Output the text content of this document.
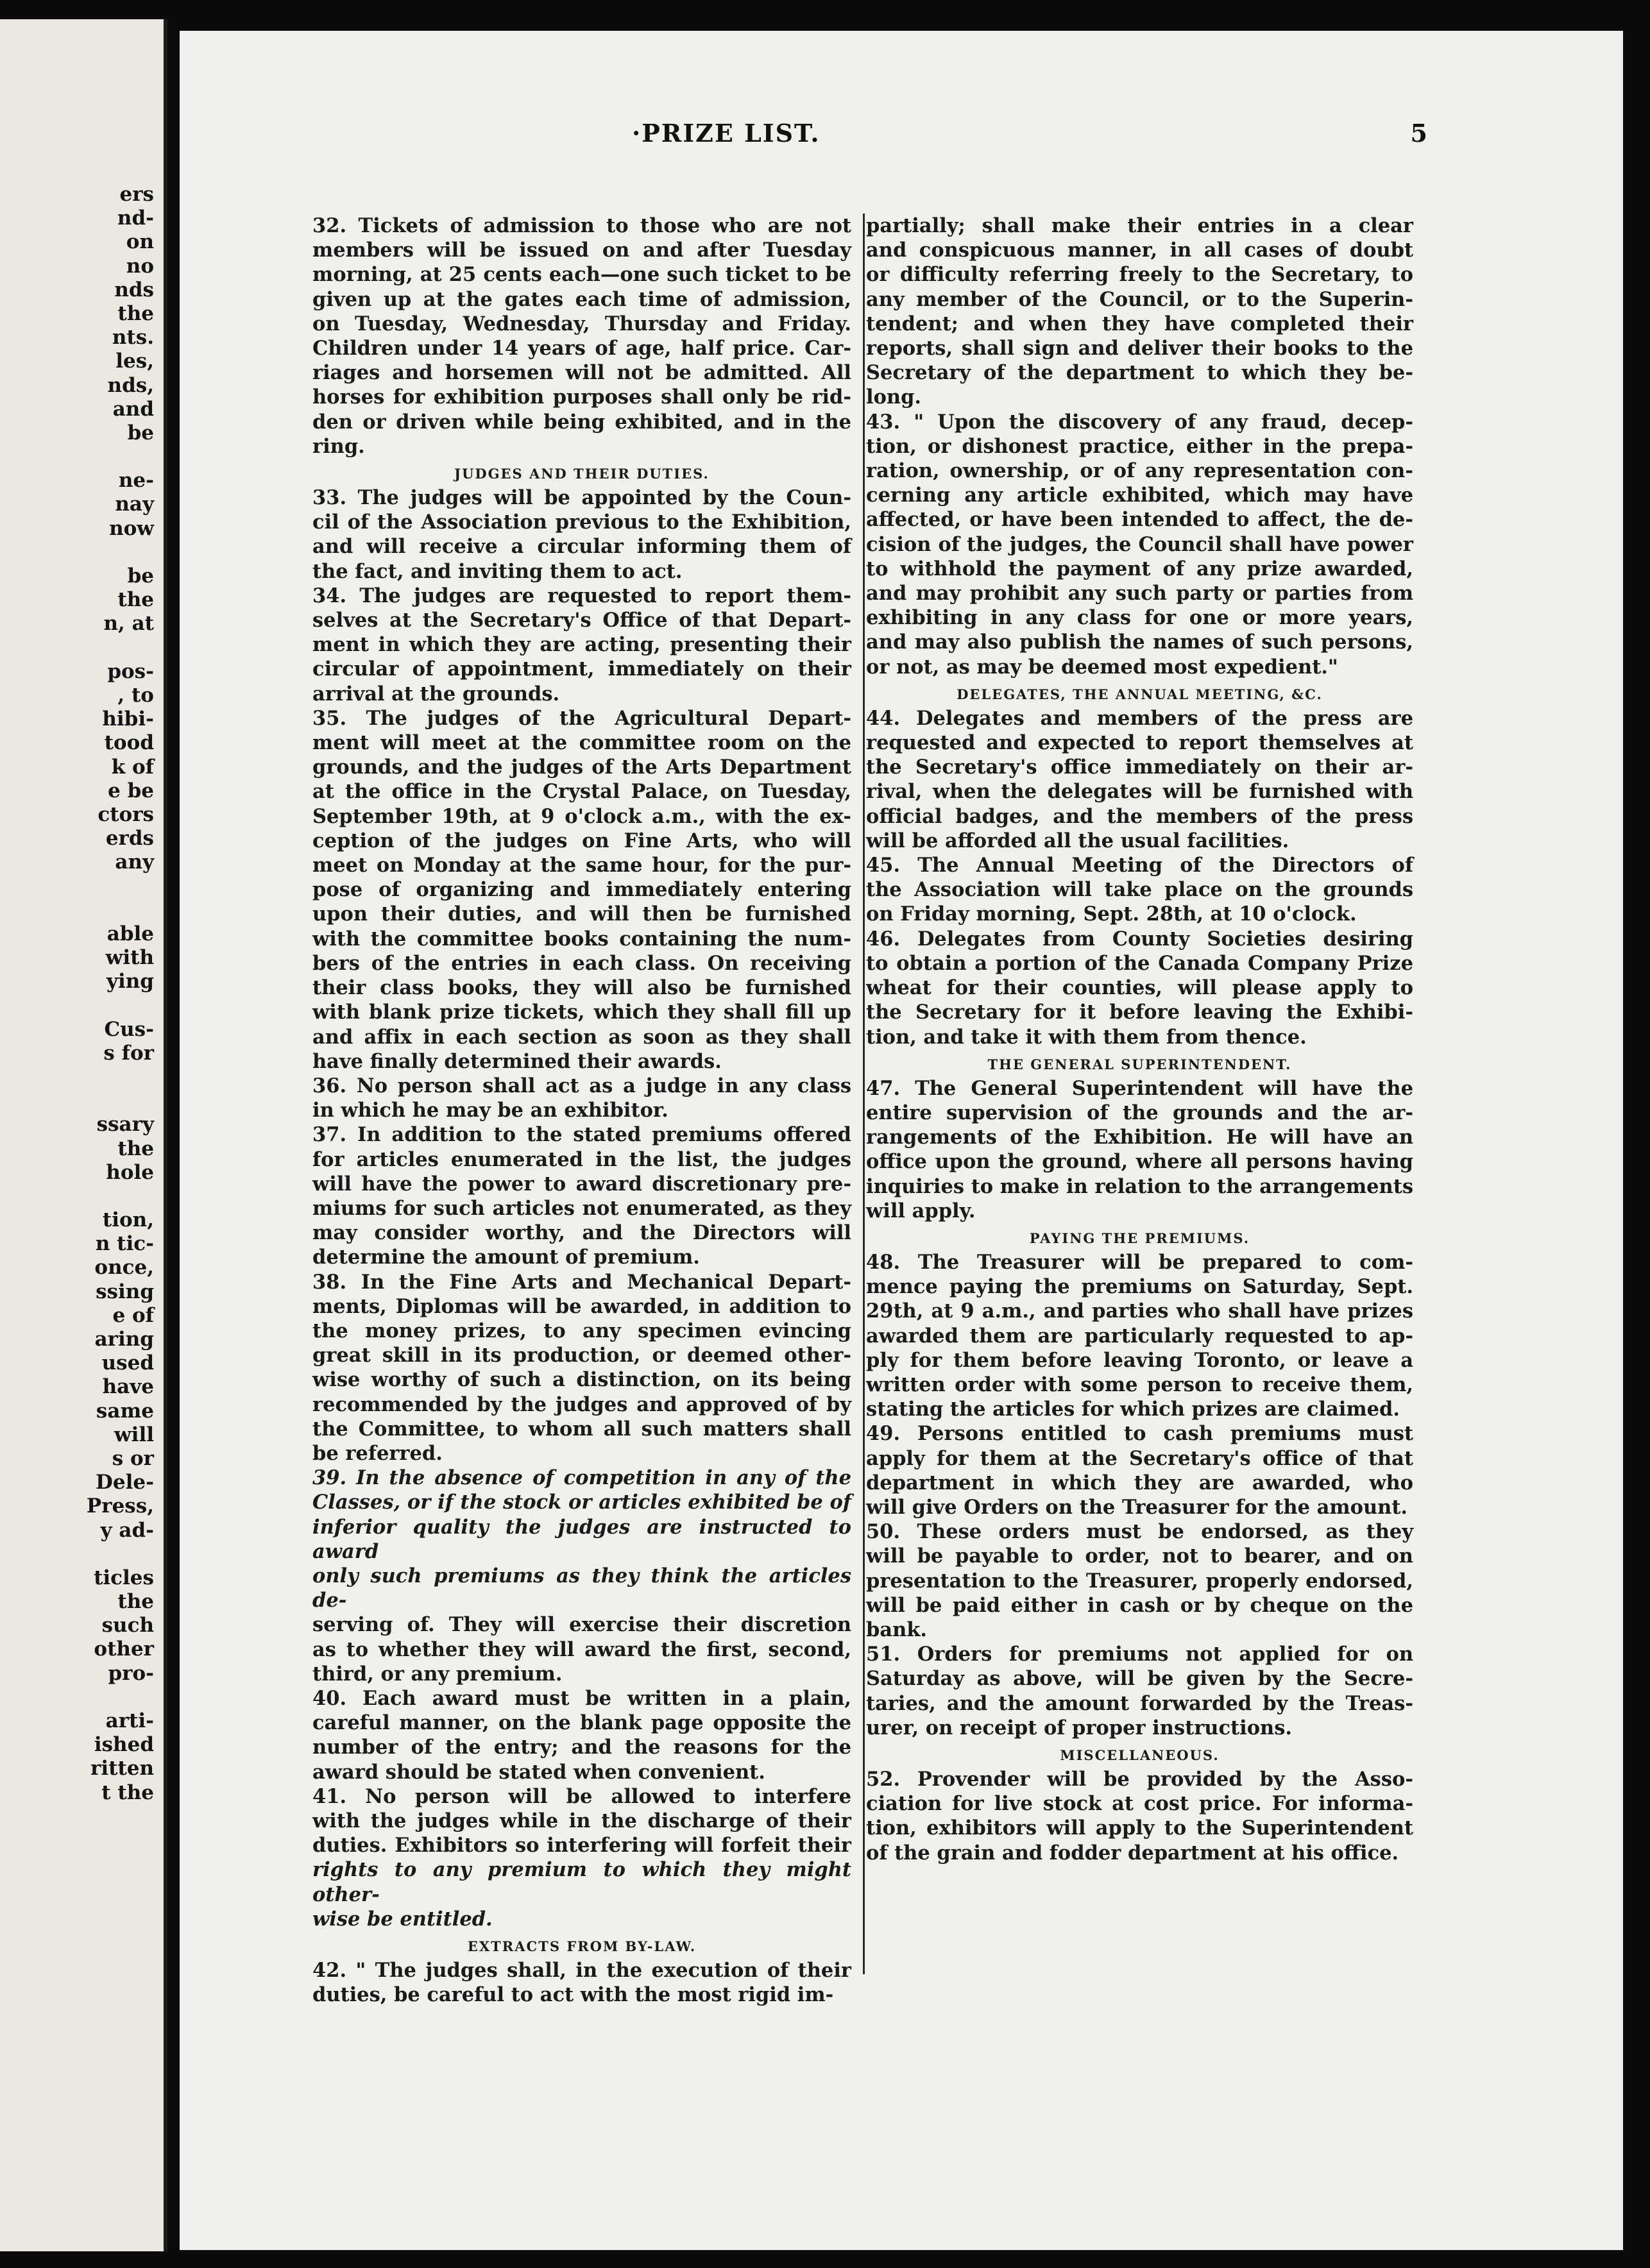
ers
nd-
on
no
nds
the
nts.
les,
nds,
and
be
ne-
nay
now
be
the
n, at
pos-
, to
hibi-
tood
k of
e be
ctors
erds
any
able
with
ying
Cus-
s for
ssary
the
hole
tion,
n tic-
once,
ssing
e of
aring
used
have
same
will
s or
Dele-
Press,
y ad-
ticles
the
such
other
pro-
arti-
ished
ritten
t the
·PRIZE LIST.	5
32. Tickets of admission to those who are not
members will be issued on and after Tuesday
morning, at 25 cents each—one such ticket to be
given up at the gates each time of admission,
on Tuesday, Wednesday, Thursday and Friday.
Children under 14 years of age, half price. Car-
riages and horsemen will not be admitted. All
horses for exhibition purposes shall only be rid-
den or driven while being exhibited, and in the
ring.
JUDGES AND THEIR DUTIES.
33. The judges will be appointed by the Coun-
cil of the Association previous to the Exhibition,
and will receive a circular informing them of
the fact, and inviting them to act.
34. The judges are requested to report them-
selves at the Secretary's Office of that Depart-
ment in which they are acting, presenting their
circular of appointment, immediately on their
arrival at the grounds.
35. The judges of the Agricultural Depart-
ment will meet at the committee room on the
grounds, and the judges of the Arts Department
at the office in the Crystal Palace, on Tuesday,
September 19th, at 9 o'clock a.m., with the ex-
ception of the judges on Fine Arts, who will
meet on Monday at the same hour, for the pur-
pose of organizing and immediately entering
upon their duties, and will then be furnished
with the committee books containing the num-
bers of the entries in each class. On receiving
their class books, they will also be furnished
with blank prize tickets, which they shall fill up
and affix in each section as soon as they shall
have finally determined their awards.
36. No person shall act as a judge in any class
in which he may be an exhibitor.
37. In addition to the stated premiums offered
for articles enumerated in the list, the judges
will have the power to award discretionary pre-
miums for such articles not enumerated, as they
may consider worthy, and the Directors will
determine the amount of premium.
38. In the Fine Arts and Mechanical Depart-
ments, Diplomas will be awarded, in addition to
the money prizes, to any specimen evincing
great skill in its production, or deemed other-
wise worthy of such a distinction, on its being
recommended by the judges and approved of by
the Committee, to whom all such matters shall
be referred.
39. In the absence of competition in any of the
Classes, or if the stock or articles exhibited be of
inferior quality the judges are instructed to award
only such premiums as they think the articles de-
serving of. They will exercise their discretion
as to whether they will award the first, second,
third, or any premium.
40. Each award must be written in a plain,
careful manner, on the blank page opposite the
number of the entry; and the reasons for the
award should be stated when convenient.
41. No person will be allowed to interfere
with the judges while in the discharge of their
duties. Exhibitors so interfering will forfeit their
rights to any premium to which they might other-
wise be entitled.
EXTRACTS FROM BY-LAW.
42. " The judges shall, in the execution of their
duties, be careful to act with the most rigid im-
partially; shall make their entries in a clear
and conspicuous manner, in all cases of doubt
or difficulty referring freely to the Secretary, to
any member of the Council, or to the Superin-
tendent; and when they have completed their
reports, shall sign and deliver their books to the
Secretary of the department to which they be-
long.
43. " Upon the discovery of any fraud, decep-
tion, or dishonest practice, either in the prepa-
ration, ownership, or of any representation con-
cerning any article exhibited, which may have
affected, or have been intended to affect, the de-
cision of the judges, the Council shall have power
to withhold the payment of any prize awarded,
and may prohibit any such party or parties from
exhibiting in any class for one or more years,
and may also publish the names of such persons,
or not, as may be deemed most expedient."
DELEGATES, THE ANNUAL MEETING, &C.
44. Delegates and members of the press are
requested and expected to report themselves at
the Secretary's office immediately on their ar-
rival, when the delegates will be furnished with
official badges, and the members of the press
will be afforded all the usual facilities.
45. The Annual Meeting of the Directors of
the Association will take place on the grounds
on Friday morning, Sept. 28th, at 10 o'clock.
46. Delegates from County Societies desiring
to obtain a portion of the Canada Company Prize
wheat for their counties, will please apply to
the Secretary for it before leaving the Exhibi-
tion, and take it with them from thence.
THE GENERAL SUPERINTENDENT.
47. The General Superintendent will have the
entire supervision of the grounds and the ar-
rangements of the Exhibition. He will have an
office upon the ground, where all persons having
inquiries to make in relation to the arrangements
will apply.
PAYING THE PREMIUMS.
48. The Treasurer will be prepared to com-
mence paying the premiums on Saturday, Sept.
29th, at 9 a.m., and parties who shall have prizes
awarded them are particularly requested to ap-
ply for them before leaving Toronto, or leave a
written order with some person to receive them,
stating the articles for which prizes are claimed.
49. Persons entitled to cash premiums must
apply for them at the Secretary's office of that
department in which they are awarded, who
will give Orders on the Treasurer for the amount.
50. These orders must be endorsed, as they
will be payable to order, not to bearer, and on
presentation to the Treasurer, properly endorsed,
will be paid either in cash or by cheque on the
bank.
51. Orders for premiums not applied for on
Saturday as above, will be given by the Secre-
taries, and the amount forwarded by the Treas-
urer, on receipt of proper instructions.
MISCELLANEOUS.
52. Provender will be provided by the Asso-
ciation for live stock at cost price. For informa-
tion, exhibitors will apply to the Superintendent
of the grain and fodder department at his office.
